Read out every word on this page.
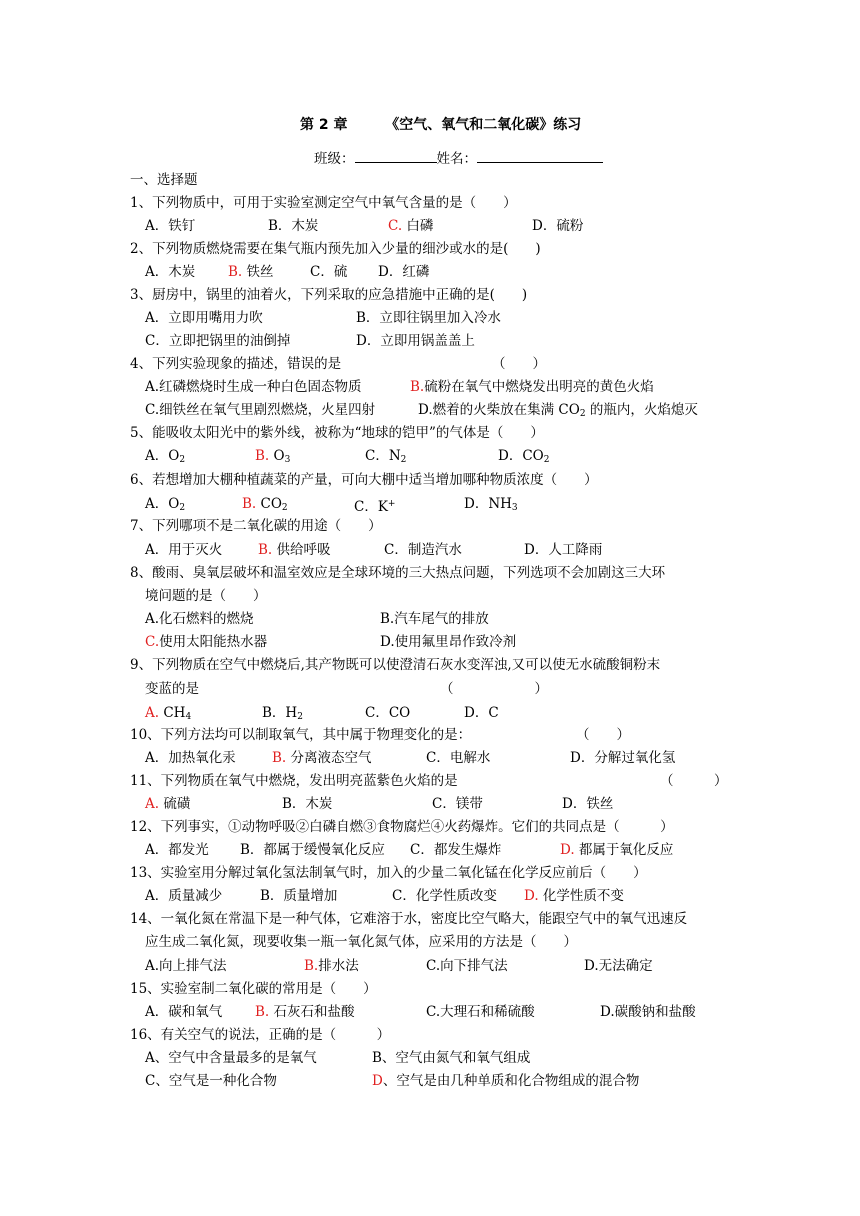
第 2 章	《空气、氧气和二氧化碳》练习
班级：	姓名：
一、选择题
1、下列物质中，可用于实验室测定空气中氧气含量的是（　　）
A．铁钉	B．木炭	C. 白磷	D．硫粉
2、下列物质燃烧需要在集气瓶内预先加入少量的细沙或水的是(　　)
A．木炭 B. 铁丝	C．硫 D．红磷
3、厨房中，锅里的油着火，下列采取的应急措施中正确的是(　　)
A．立即用嘴用力吹	B．立即往锅里加入冷水
C．立即把锅里的油倒掉	D．立即用锅盖盖上
4、下列实验现象的描述，错误的是	（　　）
A.红磷燃烧时生成一种白色固态物质	B.硫粉在氧气中燃烧发出明亮的黄色火焰
C.细铁丝在氧气里剧烈燃烧，火星四射	D.燃着的火柴放在集满 $CO_2$ 的瓶内，火焰熄灭
5、能吸收太阳光中的紫外线，被称为“地球的铠甲”的气体是（　　）
A．$O_2$	B. $O_3$	C．$N_2$	D．$CO_2$
6、若想增加大棚种植蔬菜的产量，可向大棚中适当增加哪种物质浓度（　　）
A．$O_2$	B. $CO_2$	C．K+	D．$NH_3$
7、下列哪项不是二氧化碳的用途（　　）
A．用于灭火	B. 供给呼吸	C．制造汽水	D．人工降雨
8、酸雨、臭氧层破坏和温室效应是全球环境的三大热点问题，下列选项不会加剧这三大环
境问题的是（　　）
A.化石燃料的燃烧	B.汽车尾气的排放
C.使用太阳能热水器	D.使用氟里昂作致冷剂
9、下列物质在空气中燃烧后,其产物既可以使澄清石灰水变浑浊,又可以使无水硫酸铜粉末
变蓝的是	（　　　　　　）
A. $CH_4$	B．$H_2$	C．CO	D．C
10、下列方法均可以制取氧气，其中属于物理变化的是：	（　　）
A．加热氧化汞	B. 分离液态空气	C．电解水	D．分解过氧化氢
11、下列物质在氧气中燃烧，发出明亮蓝紫色火焰的是	（　　　）
A. 硫磺	B．木炭	C．镁带	D．铁丝
12、下列事实，①动物呼吸②白磷自燃③食物腐烂④火药爆炸。它们的共同点是（　　　）
A．都发光 B．都属于缓慢氧化反应 C．都发生爆炸	D. 都属于氧化反应
13、实验室用分解过氧化氢法制氧气时，加入的少量二氧化锰在化学反应前后（　　）
A．质量减少	B．质量增加	C．化学性质改变 D. 化学性质不变
14、一氧化氮在常温下是一种气体，它难溶于水，密度比空气略大，能跟空气中的氧气迅速反
应生成二氧化氮，现要收集一瓶一氧化氮气体，应采用的方法是（　　）
A.向上排气法	B.排水法	C.向下排气法	D.无法确定
15、实验室制二氧化碳的常用是（　　）
A．碳和氧气 B. 石灰石和盐酸	C.大理石和稀硫酸	D.碳酸钠和盐酸
16、有关空气的说法，正确的是（　　　）
A、空气中含量最多的是氧气	B、空气由氮气和氧气组成
C、空气是一种化合物	D、空气是由几种单质和化合物组成的混合物
